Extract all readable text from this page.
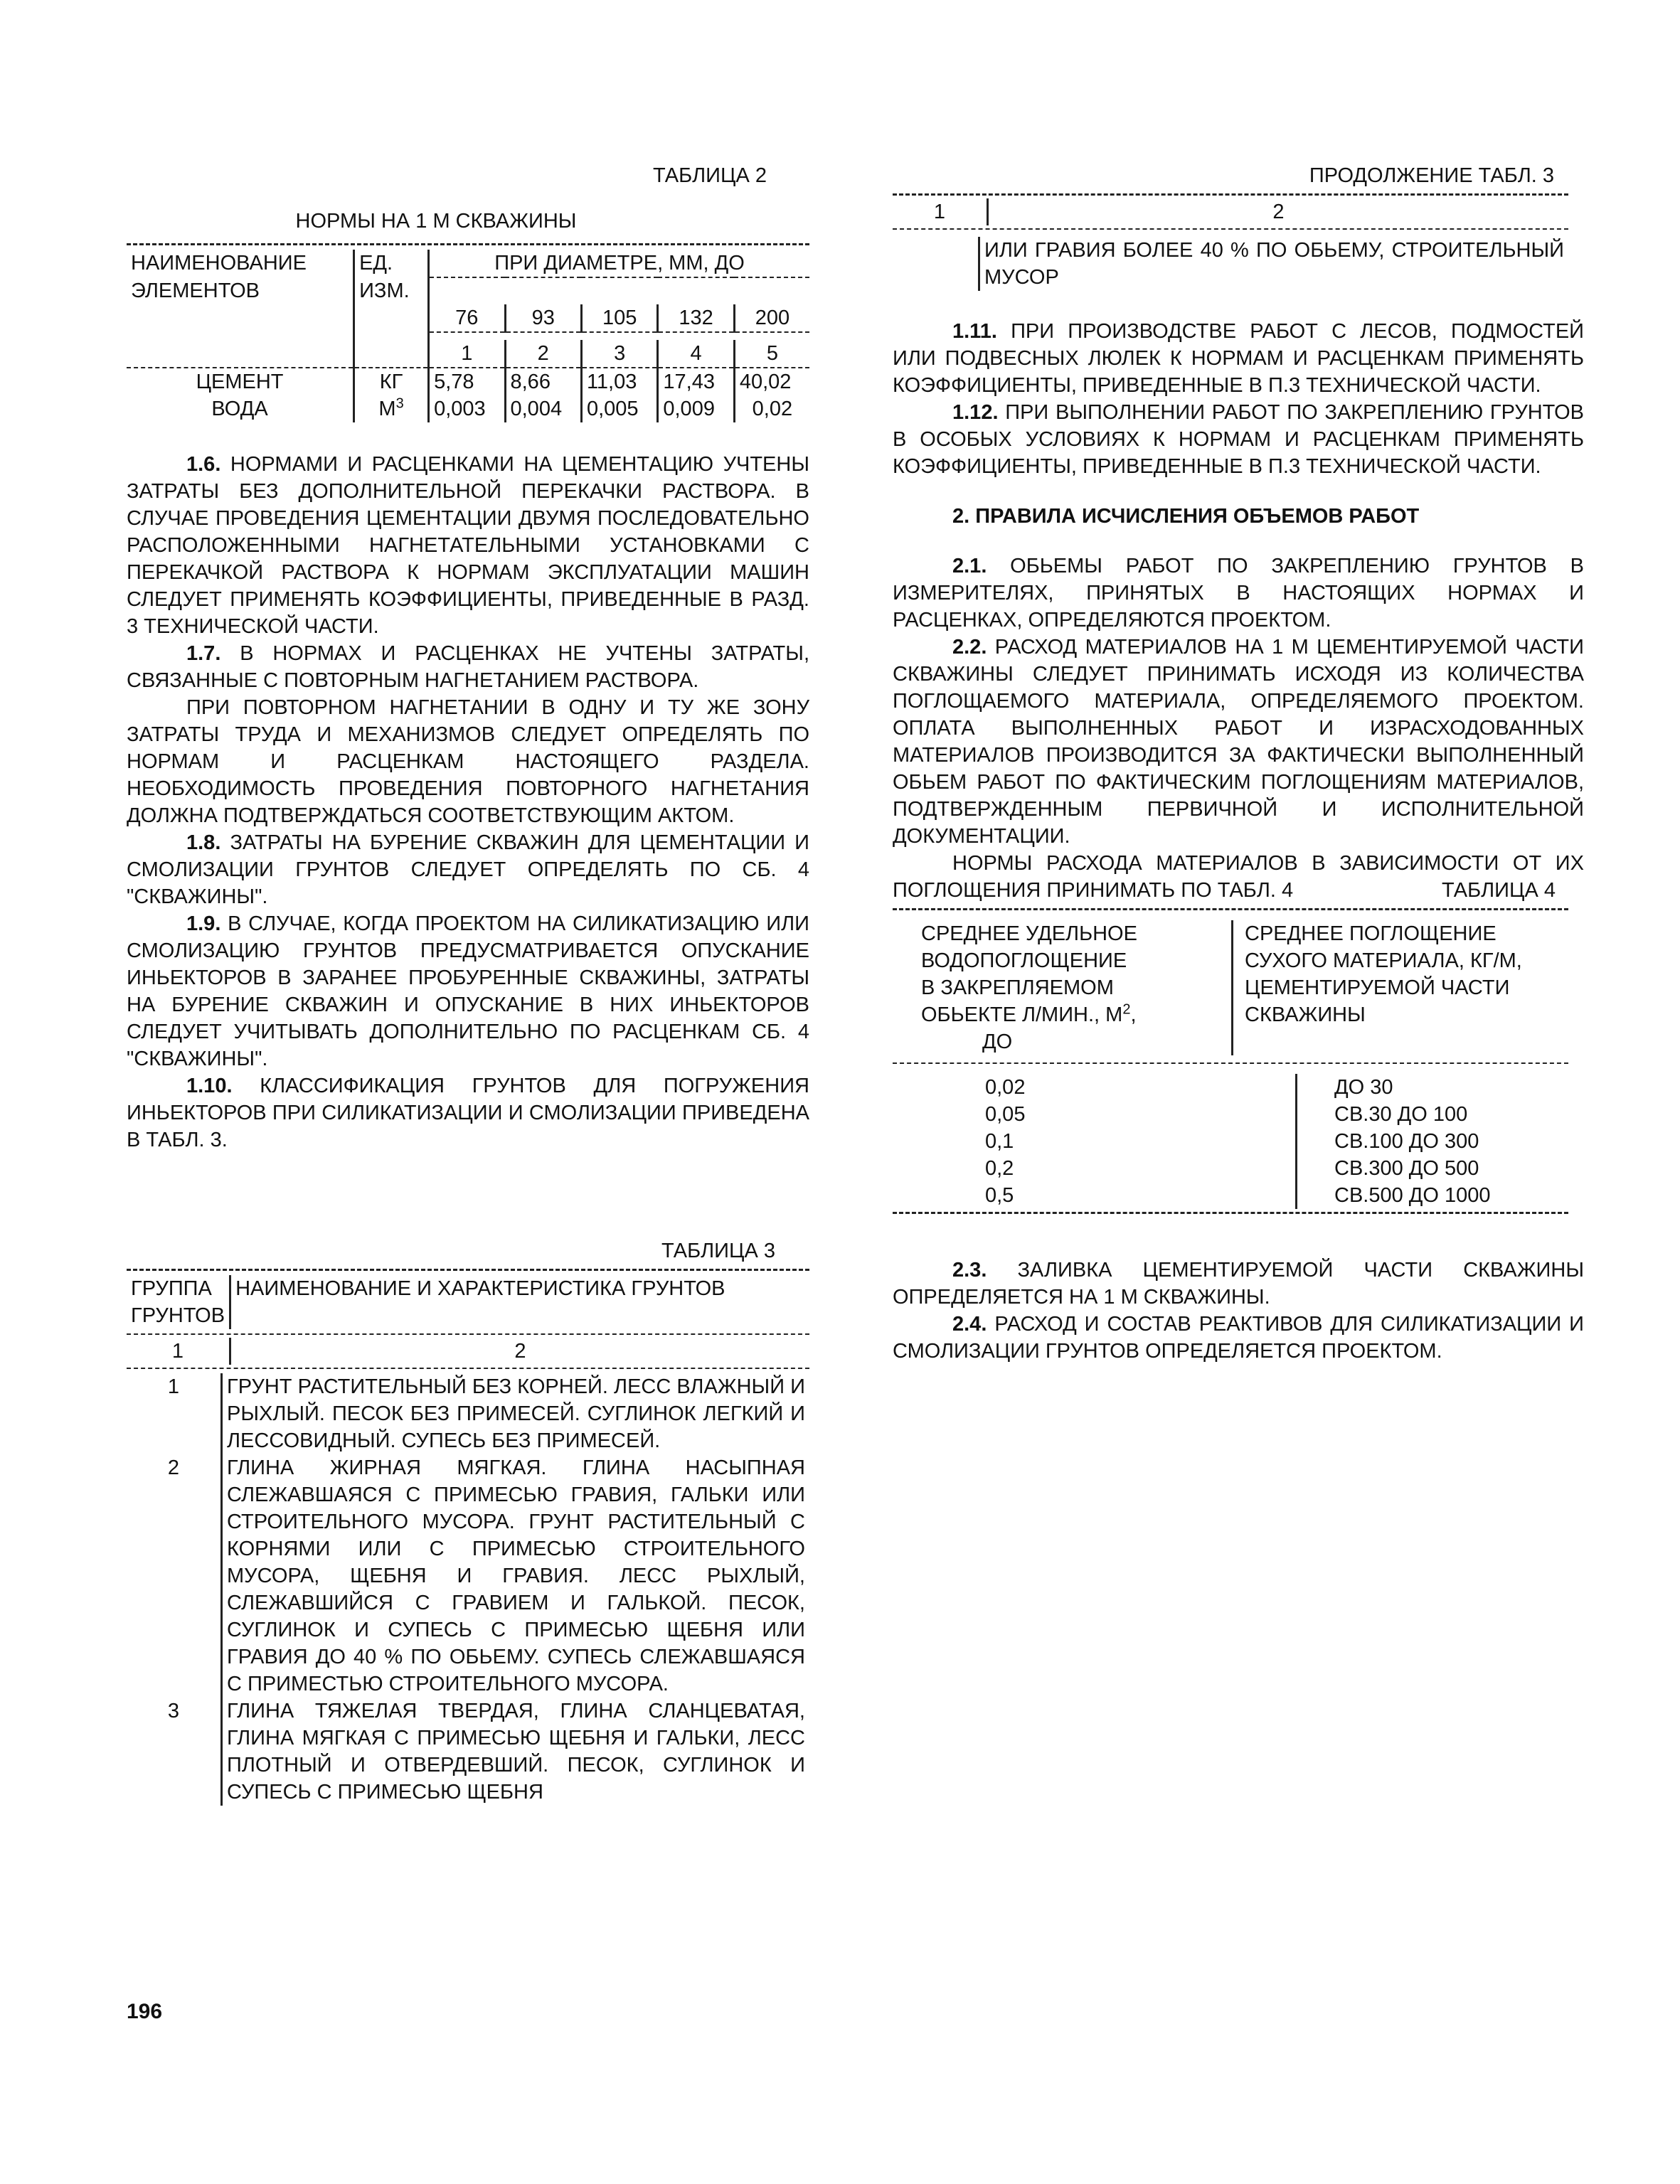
ТАБЛИЦА 2
НОРМЫ НА 1 М СКВАЖИНЫ
НАИМЕНОВАНИЕ	ЕД.	ПРИ ДИАМЕТРЕ, ММ, ДО				
ЭЛЕМЕНТОВ	ИЗМ.					
		76	93	105	132	200

		1	2	3	4	5
ЦЕМЕНТ	КГ	5,78	8,66	11,03	17,43	40,02
ВОДА	$М^3$	0,003	0,004	0,005	0,009	0,02
1.6. НОРМАМИ И РАСЦЕНКАМИ НА ЦЕМЕНТАЦИЮ УЧТЕНЫ ЗАТРАТЫ БЕЗ ДОПОЛНИТЕЛЬНОЙ ПЕРЕКАЧКИ РАСТВОРА. В СЛУЧАЕ ПРОВЕДЕНИЯ ЦЕМЕНТАЦИИ ДВУМЯ ПОСЛЕДОВАТЕЛЬНО РАСПОЛОЖЕННЫМИ НАГНЕТАТЕЛЬНЫМИ УСТАНОВКАМИ С ПЕРЕКАЧКОЙ РАСТВОРА К НОРМАМ ЭКСПЛУАТАЦИИ МАШИН СЛЕДУЕТ ПРИМЕНЯТЬ КОЭФФИЦИЕНТЫ, ПРИВЕДЕННЫЕ В РАЗД. 3 ТЕХНИЧЕСКОЙ ЧАСТИ.
1.7. В НОРМАХ И РАСЦЕНКАХ НЕ УЧТЕНЫ ЗАТРАТЫ, СВЯЗАННЫЕ С ПОВТОРНЫМ НАГНЕТАНИЕМ РАСТВОРА.
ПРИ ПОВТОРНОМ НАГНЕТАНИИ В ОДНУ И ТУ ЖЕ ЗОНУ ЗАТРАТЫ ТРУДА И МЕХАНИЗМОВ СЛЕДУЕТ ОПРЕДЕЛЯТЬ ПО НОРМАМ И РАСЦЕНКАМ НАСТОЯЩЕГО РАЗДЕЛА. НЕОБХОДИМОСТЬ ПРОВЕДЕНИЯ ПОВТОРНОГО НАГНЕТАНИЯ ДОЛЖНА ПОДТВЕРЖДАТЬСЯ СООТВЕТСТВУЮЩИМ АКТОМ.
1.8. ЗАТРАТЫ НА БУРЕНИЕ СКВАЖИН ДЛЯ ЦЕМЕНТАЦИИ И СМОЛИЗАЦИИ ГРУНТОВ СЛЕДУЕТ ОПРЕДЕЛЯТЬ ПО СБ. 4 "СКВАЖИНЫ".
1.9. В СЛУЧАЕ, КОГДА ПРОЕКТОМ НА СИЛИКАТИЗАЦИЮ ИЛИ СМОЛИЗАЦИЮ ГРУНТОВ ПРЕДУСМАТРИВАЕТСЯ ОПУСКАНИЕ ИНЬЕКТОРОВ В ЗАРАНЕЕ ПРОБУРЕННЫЕ СКВАЖИНЫ, ЗАТРАТЫ НА БУРЕНИЕ СКВАЖИН И ОПУСКАНИЕ В НИХ ИНЬЕКТОРОВ СЛЕДУЕТ УЧИТЫВАТЬ ДОПОЛНИТЕЛЬНО ПО РАСЦЕНКАМ СБ. 4 "СКВАЖИНЫ".
1.10. КЛАССИФИКАЦИЯ ГРУНТОВ ДЛЯ ПОГРУЖЕНИЯ ИНЬЕКТОРОВ ПРИ СИЛИКАТИЗАЦИИ И СМОЛИЗАЦИИ ПРИВЕДЕНА В ТАБЛ. 3.
ТАБЛИЦА 3
ГРУППА	НАИМЕНОВАНИЕ И ХАРАКТЕРИСТИКА ГРУНТОВ
ГРУНТОВ	
1	2
1	ГРУНТ РАСТИТЕЛЬНЫЙ БЕЗ КОРНЕЙ. ЛЕСС ВЛАЖНЫЙ И РЫХЛЫЙ. ПЕСОК БЕЗ ПРИМЕСЕЙ. СУГЛИНОК ЛЕГКИЙ И ЛЕССОВИДНЫЙ. СУПЕСЬ БЕЗ ПРИМЕСЕЙ.
2	ГЛИНА ЖИРНАЯ МЯГКАЯ. ГЛИНА НАСЫПНАЯ СЛЕЖАВШАЯСЯ С ПРИМЕСЬЮ ГРАВИЯ, ГАЛЬКИ ИЛИ СТРОИТЕЛЬНОГО МУСОРА. ГРУНТ РАСТИТЕЛЬНЫЙ С КОРНЯМИ ИЛИ С ПРИМЕСЬЮ СТРОИТЕЛЬНОГО МУСОРА, ЩЕБНЯ И ГРАВИЯ. ЛЕСС РЫХЛЫЙ, СЛЕЖАВШИЙСЯ С ГРАВИЕМ И ГАЛЬКОЙ. ПЕСОК, СУГЛИНОК И СУПЕСЬ С ПРИМЕСЬЮ ЩЕБНЯ ИЛИ ГРАВИЯ ДО 40 % ПО ОБЬЕМУ. СУПЕСЬ СЛЕЖАВШАЯСЯ С ПРИМЕСТЬЮ СТРОИТЕЛЬНОГО МУСОРА.
3	ГЛИНА ТЯЖЕЛАЯ ТВЕРДАЯ, ГЛИНА СЛАНЦЕВАТАЯ, ГЛИНА МЯГКАЯ С ПРИМЕСЬЮ ЩЕБНЯ И ГАЛЬКИ, ЛЕСС ПЛОТНЫЙ И ОТВЕРДЕВШИЙ. ПЕСОК, СУГЛИНОК И СУПЕСЬ С ПРИМЕСЬЮ ЩЕБНЯ
ПРОДОЛЖЕНИЕ ТАБЛ. 3
1	2
	ИЛИ ГРАВИЯ БОЛЕЕ 40 % ПО ОБЬЕМУ, СТРОИТЕЛЬНЫЙ МУСОР
1.11. ПРИ ПРОИЗВОДСТВЕ РАБОТ С ЛЕСОВ, ПОДМОСТЕЙ ИЛИ ПОДВЕСНЫХ ЛЮЛЕК К НОРМАМ И РАСЦЕНКАМ ПРИМЕНЯТЬ КОЭФФИЦИЕНТЫ, ПРИВЕДЕННЫЕ В П.3 ТЕХНИЧЕСКОЙ ЧАСТИ.
1.12. ПРИ ВЫПОЛНЕНИИ РАБОТ ПО ЗАКРЕПЛЕНИЮ ГРУНТОВ В ОСОБЫХ УСЛОВИЯХ К НОРМАМ И РАСЦЕНКАМ ПРИМЕНЯТЬ КОЭФФИЦИЕНТЫ, ПРИВЕДЕННЫЕ В П.3 ТЕХНИЧЕСКОЙ ЧАСТИ.
2. ПРАВИЛА ИСЧИСЛЕНИЯ ОБЪЕМОВ РАБОТ
2.1. ОБЬЕМЫ РАБОТ ПО ЗАКРЕПЛЕНИЮ ГРУНТОВ В ИЗМЕРИТЕЛЯХ, ПРИНЯТЫХ В НАСТОЯЩИХ НОРМАХ И РАСЦЕНКАХ, ОПРЕДЕЛЯЮТСЯ ПРОЕКТОМ.
2.2. РАСХОД МАТЕРИАЛОВ НА 1 М ЦЕМЕНТИРУЕМОЙ ЧАСТИ СКВАЖИНЫ СЛЕДУЕТ ПРИНИМАТЬ ИСХОДЯ ИЗ КОЛИЧЕСТВА ПОГЛОЩАЕМОГО МАТЕРИАЛА, ОПРЕДЕЛЯЕМОГО ПРОЕКТОМ. ОПЛАТА ВЫПОЛНЕННЫХ РАБОТ И ИЗРАСХОДОВАННЫХ МАТЕРИАЛОВ ПРОИЗВОДИТСЯ ЗА ФАКТИЧЕСКИ ВЫПОЛНЕННЫЙ ОБЬЕМ РАБОТ ПО ФАКТИЧЕСКИМ ПОГЛОЩЕНИЯМ МАТЕРИАЛОВ, ПОДТВЕРЖДЕННЫМ ПЕРВИЧНОЙ И ИСПОЛНИТЕЛЬНОЙ ДОКУМЕНТАЦИИ.
НОРМЫ РАСХОДА МАТЕРИАЛОВ В ЗАВИСИМОСТИ ОТ ИХ ПОГЛОЩЕНИЯ ПРИНИМАТЬ ПО ТАБЛ. 4	ТАБЛИЦА 4
СРЕДНЕЕ УДЕЛЬНОЕ
ВОДОПОГЛОЩЕНИЕ
В ЗАКРЕПЛЯЕМОМ
ОБЬЕКТЕ Л/МИН., $М^2$,
ДО

СРЕДНЕЕ ПОГЛОЩЕНИЕ
СУХОГО МАТЕРИАЛА, КГ/М,
ЦЕМЕНТИРУЕМОЙ ЧАСТИ
СКВАЖИНЫ
0,02	ДО 30
0,05	СВ.30 ДО 100
0,1	СВ.100 ДО 300
0,2	СВ.300 ДО 500
0,5	СВ.500 ДО 1000
2.3. ЗАЛИВКА ЦЕМЕНТИРУЕМОЙ ЧАСТИ СКВАЖИНЫ ОПРЕДЕЛЯЕТСЯ НА 1 М СКВАЖИНЫ.
2.4. РАСХОД И СОСТАВ РЕАКТИВОВ ДЛЯ СИЛИКАТИЗАЦИИ И СМОЛИЗАЦИИ ГРУНТОВ ОПРЕДЕЛЯЕТСЯ ПРОЕКТОМ.
196
